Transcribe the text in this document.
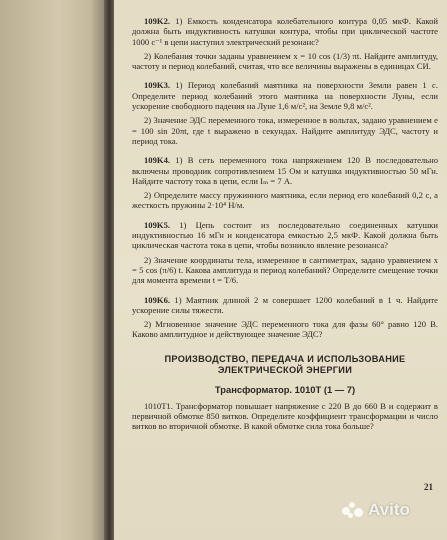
109K2. 1) Емкость конденсатора колебательного контура 0,05 мкФ. Какой должна быть индуктивность катушки контура, чтобы при циклической частоте 1000 с⁻¹ в цепи наступил электрический резонанс?

2) Колебания точки заданы уравнением x = 10 cos (1/3) πt. Найдите амплитуду, частоту и период колебаний, считая, что все величины выражены в единицах СИ.

109K3. 1) Период колебаний маятника на поверхности Земли равен 1 с. Определите период колебаний этого маятника на поверхности Луны, если ускорение свободного падения на Луне 1,6 м/с², на Земле 9,8 м/с².

2) Значение ЭДС переменного тока, измеренное в вольтах, задано уравнением e = 100 sin 20πt, где t выражено в секундах. Найдите амплитуду ЭДС, частоту и период тока.

109K4. 1) В сеть переменного тока напряжением 120 В последовательно включены проводник сопротивлением 15 Ом и катушка индуктивностью 50 мГн. Найдите частоту тока в цепи, если Iₘ = 7 А.

2) Определите массу пружинного маятника, если период его колебаний 0,2 с, а жесткость пружины 2·10⁴ Н/м.

109K5. 1) Цепь состоит из последовательно соединенных катушки индуктивностью 16 мГн и конденсатора емкостью 2,5 мкФ. Какой должна быть циклическая частота тока в цепи, чтобы возникло явление резонанса?

2) Значение координаты тела, измеренное в сантиметрах, задано уравнением x = 5 cos (π/6) t. Какова амплитуда и период колебаний? Определите смещение точки для момента времени t = T/6.

109K6. 1) Маятник длиной 2 м совершает 1200 колебаний в 1 ч. Найдите ускорение силы тяжести.

2) Мгновенное значение ЭДС переменного тока для фазы 60° равно 120 В. Каково амплитудное и действующее значение ЭДС?

ПРОИЗВОДСТВО, ПЕРЕДАЧА И ИСПОЛЬЗОВАНИЕ
ЭЛЕКТРИЧЕСКОЙ ЭНЕРГИИ
Трансформатор. 1010Т (1 — 7)

1010Т1. Трансформатор повышает напряжение с 220 В до 660 В и содержит в первичной обмотке 850 витков. Определите коэффициент трансформации и число витков во вторичной обмотке. В какой обмотке сила тока больше?

21
Avito
